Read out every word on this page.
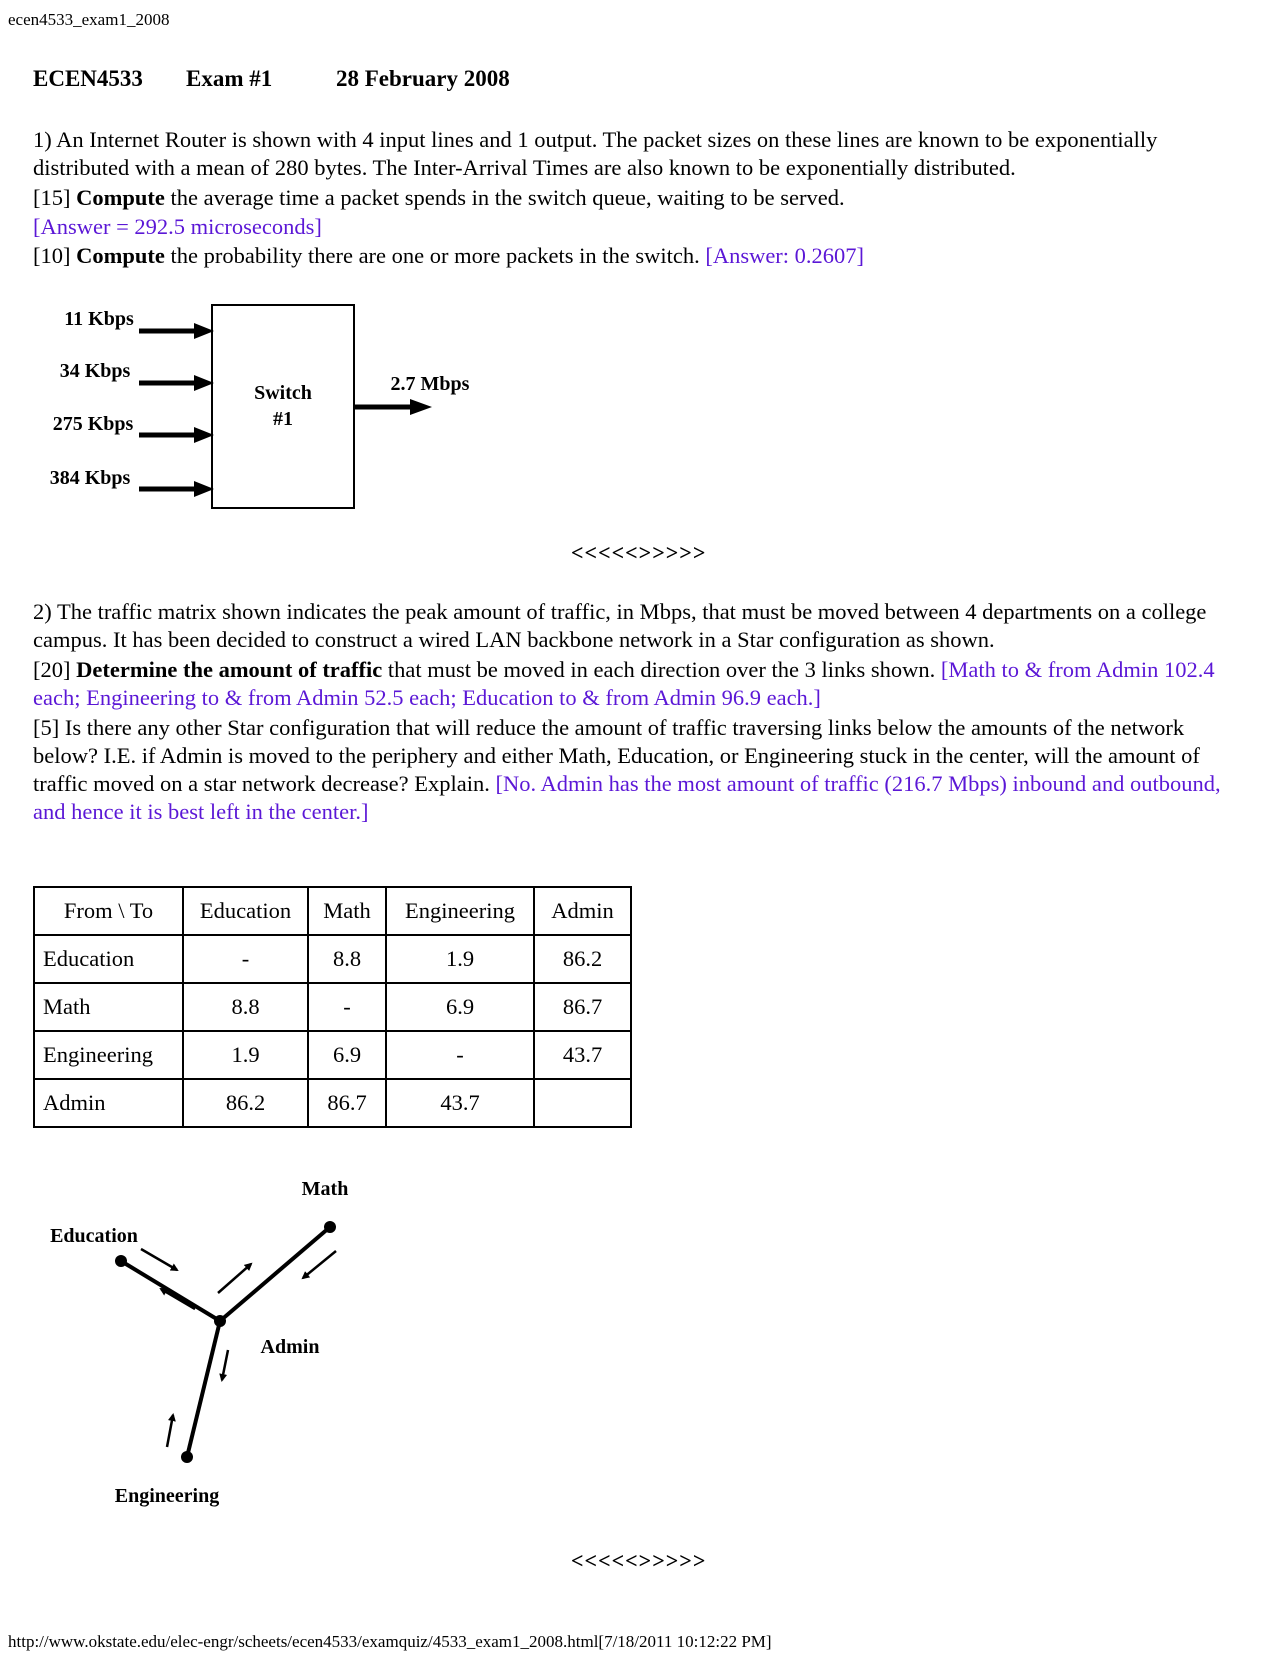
ecen4533_exam1_2008
ECEN4533 Exam #1	28 February 2008

1) An Internet Router is shown with 4 input lines and 1 output. The packet sizes on these lines are known to be exponentially distributed with a mean of 280 bytes. The Inter-Arrival Times are also known to be exponentially distributed.

[15] Compute the average time a packet spends in the switch queue, waiting to be served.

[Answer = 292.5 microseconds]

[10] Compute the probability there are one or more packets in the switch. [Answer: 0.2607]

11 Kbps
34 Kbps
275 Kbps
384 Kbps
Switch
#1
2.7 Mbps
<<<<<>>>>>

2) The traffic matrix shown indicates the peak amount of traffic, in Mbps, that must be moved between 4 departments on a college campus. It has been decided to construct a wired LAN backbone network in a Star configuration as shown.

[20] Determine the amount of traffic that must be moved in each direction over the 3 links shown. [Math to & from Admin 102.4 each; Engineering to & from Admin 52.5 each; Education to & from Admin 96.9 each.]

[5] Is there any other Star configuration that will reduce the amount of traffic traversing links below the amounts of the network below? I.E. if Admin is moved to the periphery and either Math, Education, or Engineering stuck in the center, will the amount of traffic moved on a star network decrease? Explain. [No. Admin has the most amount of traffic (216.7 Mbps) inbound and outbound, and hence it is best left in the center.]

From \ To	Education	Math	Engineering	Admin
Education	-	8.8	1.9	86.2
Math	8.8	-	6.9	86.7
Engineering	1.9	6.9	-	43.7
Admin	86.2	86.7	43.7	
Math
Education
Admin
Engineering
<<<<<>>>>>
http://www.okstate.edu/elec-engr/scheets/ecen4533/examquiz/4533_exam1_2008.html[7/18/2011 10:12:22 PM]
